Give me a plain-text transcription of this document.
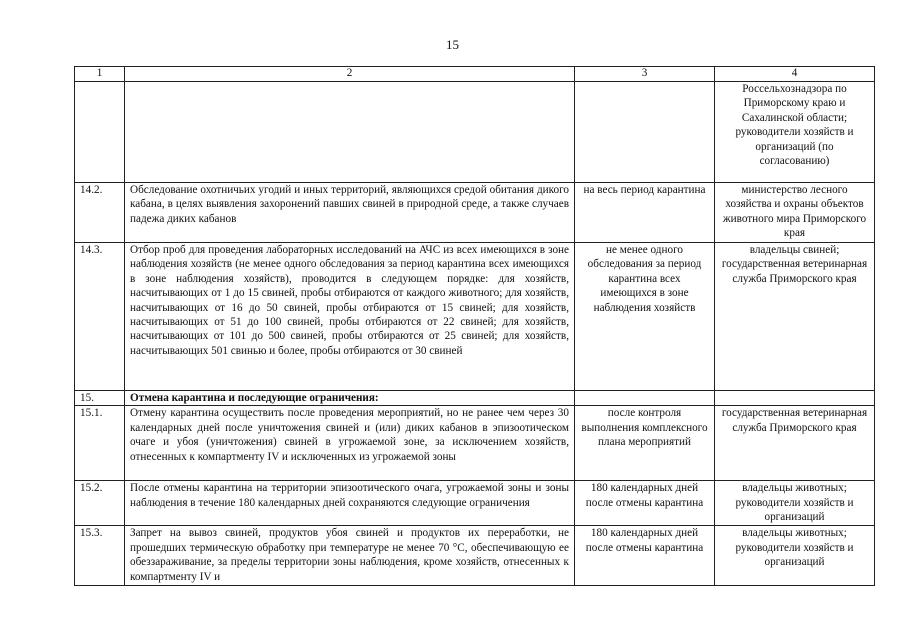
15
1	2	3	4
			Россельхознадзора по Приморскому краю и Сахалинской области; руководители хозяйств и организаций (по согласованию)
14.2.	Обследование охотничьих угодий и иных территорий, являющихся средой обитания дикого кабана, в целях выявления захоронений павших свиней в природной среде, а также случаев падежа диких кабанов	на весь период карантина	министерство лесного хозяйства и охраны объектов животного мира Приморского края
14.3.	Отбор проб для проведения лабораторных исследований на АЧС из всех имеющихся в зоне наблюдения хозяйств (не менее одного обследования за период карантина всех имеющихся в зоне наблюдения хозяйств), проводится в следующем порядке: для хозяйств, насчитывающих от 1 до 15 свиней, пробы отбираются от каждого животного; для хозяйств, насчитывающих от 16 до 50 свиней, пробы отбираются от 15 свиней; для хозяйств, насчитывающих от 51 до 100 свиней, пробы отбираются от 22 свиней; для хозяйств, насчитывающих от 101 до 500 свиней, пробы отбираются от 25 свиней; для хозяйств, насчитывающих 501 свинью и более, пробы отбираются от 30 свиней	не менее одного обследования за период карантина всех имеющихся в зоне наблюдения хозяйств	владельцы свиней; государственная ветеринарная служба Приморского края
15.	Отмена карантина и последующие ограничения:		
15.1.	Отмену карантина осуществить после проведения мероприятий, но не ранее чем через 30 календарных дней после уничтожения свиней и (или) диких кабанов в эпизоотическом очаге и убоя (уничтожения) свиней в угрожаемой зоне, за исключением хозяйств, отнесенных к компартменту IV и исключенных из угрожаемой зоны	после контроля выполнения комплексного плана мероприятий	государственная ветеринарная служба Приморского края
15.2.	После отмены карантина на территории эпизоотического очага, угрожаемой зоны и зоны наблюдения в течение 180 календарных дней сохраняются следующие ограничения	180 календарных дней после отмены карантина	владельцы животных; руководители хозяйств и организаций
15.3.	Запрет на вывоз свиней, продуктов убоя свиней и продуктов их переработки, не прошедших термическую обработку при температуре не менее 70 °С, обеспечивающую ее обеззараживание, за пределы территории зоны наблюдения, кроме хозяйств, отнесенных к компартменту IV и	180 календарных дней после отмены карантина	владельцы животных; руководители хозяйств и организаций
